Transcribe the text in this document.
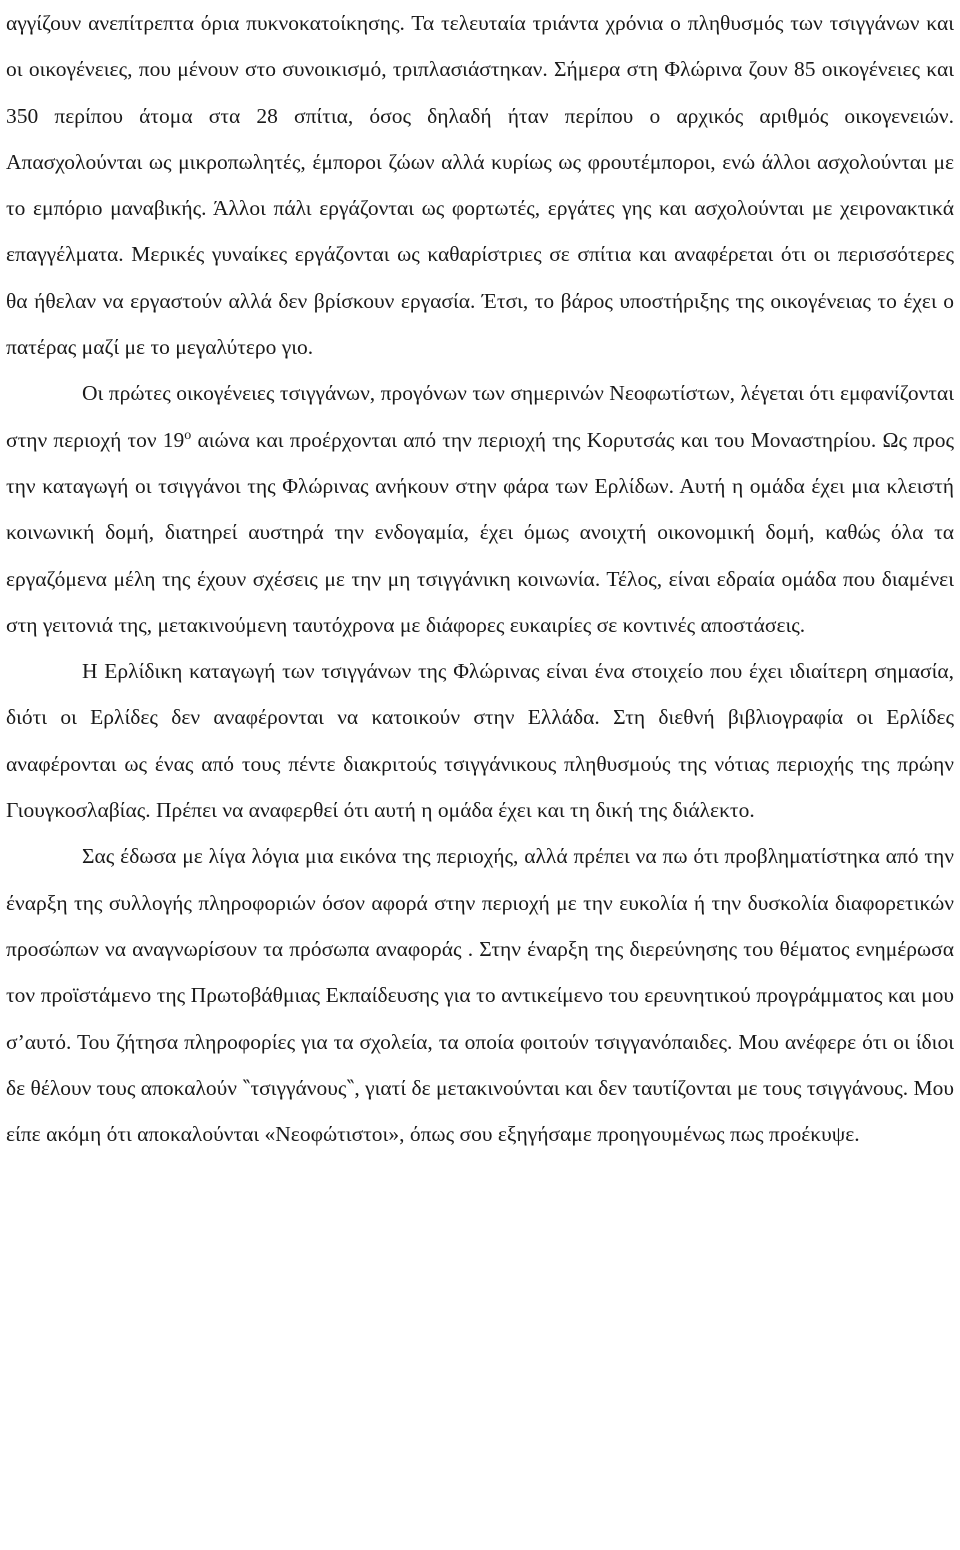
αγγίζουν ανεπίτρεπτα όρια πυκνοκατοίκησης. Τα τελευταία τριάντα χρόνια ο πληθυσμός των τσιγγάνων και οι οικογένειες, που μένουν στο συνοικισμό, τριπλασιάστηκαν. Σήμερα στη Φλώρινα ζουν 85 οικογένειες και 350 περίπου άτομα στα 28 σπίτια, όσος δηλαδή ήταν περίπου ο αρχικός αριθμός οικογενειών. Απασχολούνται ως μικροπωλητές, έμποροι ζώων αλλά κυρίως ως φρουτέμποροι, ενώ άλλοι ασχολούνται με το εμπόριο μαναβικής. Άλλοι πάλι εργάζονται ως φορτωτές, εργάτες γης και ασχολούνται με χειρονακτικά επαγγέλματα. Μερικές γυναίκες εργάζονται ως καθαρίστριες σε σπίτια και αναφέρεται ότι οι περισσότερες θα ήθελαν να εργαστούν αλλά δεν βρίσκουν εργασία. Έτσι, το βάρος υποστήριξης της οικογένειας το έχει ο πατέρας μαζί με το μεγαλύτερο γιο.

Οι πρώτες οικογένειες τσιγγάνων, προγόνων των σημερινών Νεοφωτίστων, λέγεται ότι εμφανίζονται στην περιοχή τον $19^o$ αιώνα και προέρχονται από την περιοχή της Κορυτσάς και του Μοναστηρίου. Ως προς την καταγωγή οι τσιγγάνοι της Φλώρινας ανήκουν στην φάρα των Ερλίδων. Αυτή η ομάδα έχει μια κλειστή κοινωνική δομή, διατηρεί αυστηρά την ενδογαμία, έχει όμως ανοιχτή οικονομική δομή, καθώς όλα τα εργαζόμενα μέλη της έχουν σχέσεις με την μη τσιγγάνικη κοινωνία. Τέλος, είναι εδραία ομάδα που διαμένει στη γειτονιά της, μετακινούμενη ταυτόχρονα με διάφορες ευκαιρίες σε κοντινές αποστάσεις.

Η Ερλίδικη καταγωγή των τσιγγάνων της Φλώρινας είναι ένα στοιχείο που έχει ιδιαίτερη σημασία, διότι οι Ερλίδες δεν αναφέρονται να κατοικούν στην Ελλάδα. Στη διεθνή βιβλιογραφία οι Ερλίδες αναφέρονται ως ένας από τους πέντε διακριτούς τσιγγάνικους πληθυσμούς της νότιας περιοχής της πρώην Γιουγκοσλαβίας. Πρέπει να αναφερθεί ότι αυτή η ομάδα έχει και τη δική της διάλεκτο.

Σας έδωσα με λίγα λόγια μια εικόνα της περιοχής, αλλά πρέπει να πω ότι προβληματίστηκα από την έναρξη της συλλογής πληροφοριών όσον αφορά στην περιοχή με την ευκολία ή την δυσκολία διαφορετικών προσώπων να αναγνωρίσουν τα πρόσωπα αναφοράς . Στην έναρξη της διερεύνησης του θέματος ενημέρωσα τον προϊστάμενο της Πρωτοβάθμιας Εκπαίδευσης για το αντικείμενο του ερευνητικού προγράμματος και μου σ’αυτό. Του ζήτησα πληροφορίες για τα σχολεία, τα οποία φοιτούν τσιγγανόπαιδες. Μου ανέφερε ότι οι ίδιοι δε θέλουν τους αποκαλούν ‶τσιγγάνους‶, γιατί δε μετακινούνται και δεν ταυτίζονται με τους τσιγγάνους. Μου είπε ακόμη ότι αποκαλούνται «Νεοφώτιστοι», όπως σου εξηγήσαμε προηγουμένως πως προέκυψε.
